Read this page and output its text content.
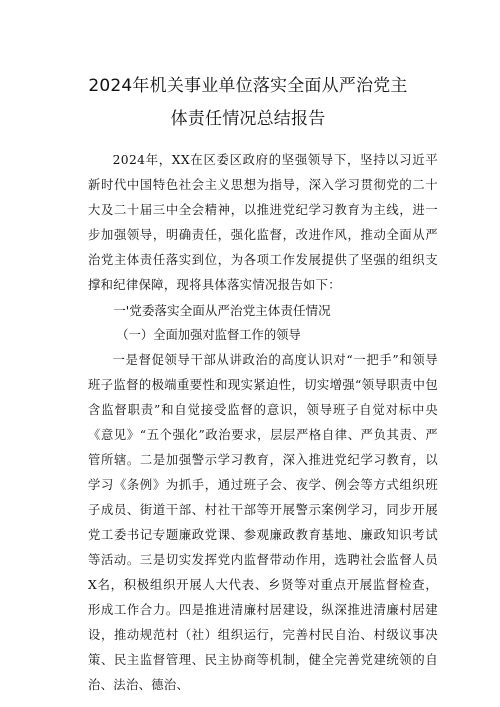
2024年机关事业单位落实全面从严治党主
体责任情况总结报告

2024年，XX在区委区政府的坚强领导下，坚持以习近平新时代中国特色社会主义思想为指导，深入学习贯彻党的二十大及二十届三中全会精神，以推进党纪学习教育为主线，进一步加强领导，明确责任，强化监督，改进作风，推动全面从严治党主体责任落实到位，为各项工作发展提供了坚强的组织支撑和纪律保障，现将具体落实情况报告如下：

一'党委落实全面从严治党主体责任情况

（一）全面加强对监督工作的领导

一是督促领导干部从讲政治的高度认识对“一把手”和领导班子监督的极端重要性和现实紧迫性，切实增强“领导职责中包含监督职责”和自觉接受监督的意识，领导班子自觉对标中央《意见》“五个强化”政治要求，层层严格自律、严负其责、严管所辖。二是加强警示学习教育，深入推进党纪学习教育，以学习《条例》为抓手，通过班子会、夜学、例会等方式组织班子成员、街道干部、村社干部等开展警示案例学习，同步开展党工委书记专题廉政党课、参观廉政教育基地、廉政知识考试等活动。三是切实发挥党内监督带动作用，选聘社会监督人员X名，积极组织开展人大代表、乡贤等对重点开展监督检查，形成工作合力。四是推进清廉村居建设，纵深推进清廉村居建设，推动规范村（社）组织运行，完善村民自治、村级议事决策、民主监督管理、民主协商等机制，健全完善党建统领的自治、法治、德治、
